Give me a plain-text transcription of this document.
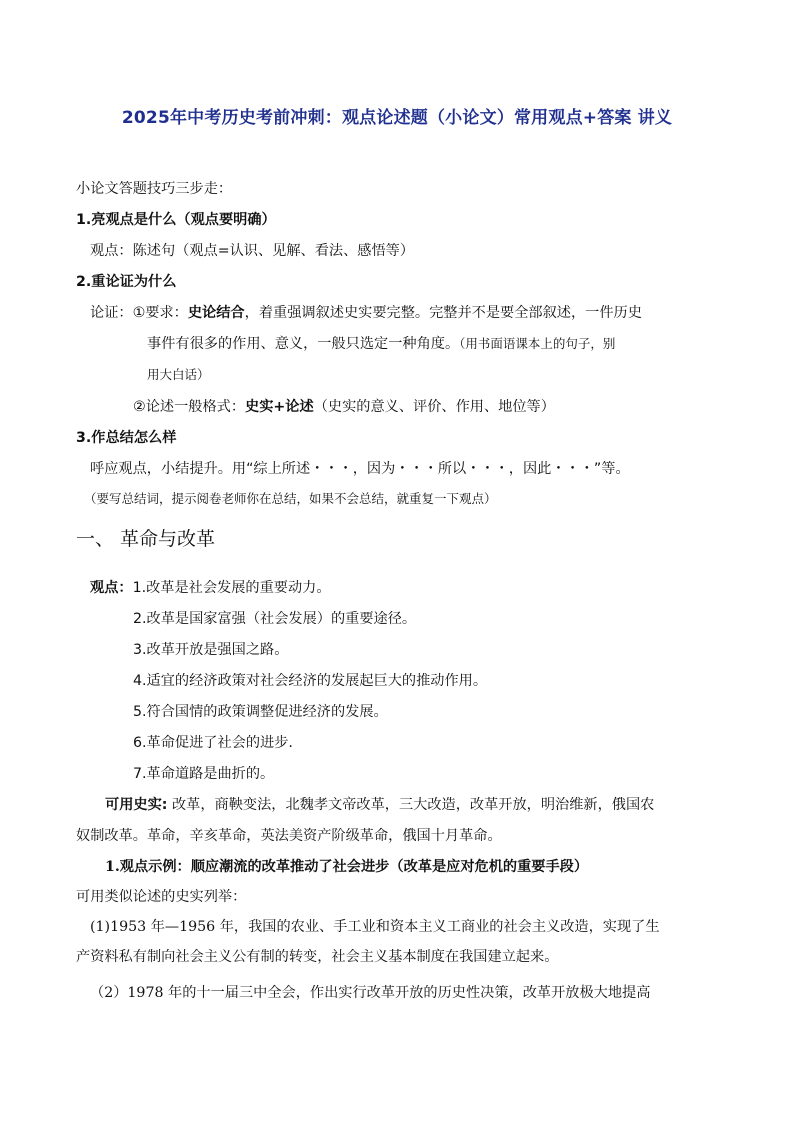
2025年中考历史考前冲刺：观点论述题（小论文）常用观点+答案 讲义
小论文答题技巧三步走：
1.亮观点是什么（观点要明确）
观点：陈述句（观点=认识、见解、看法、感悟等）
2.重论证为什么
论证：①要求：史论结合，着重强调叙述史实要完整。完整并不是要全部叙述，一件历史
事件有很多的作用、意义，一般只选定一种角度。（用书面语课本上的句子，别
用大白话）
②论述一般格式：史实+论述（史实的意义、评价、作用、地位等）
3.作总结怎么样
呼应观点，小结提升。用“综上所述・・・，因为・・・所以・・・，因此・・・”等。
（要写总结词，提示阅卷老师你在总结，如果不会总结，就重复一下观点）
一、 革命与改革
观点：1.改革是社会发展的重要动力。
2.改革是国家富强（社会发展）的重要途径。
3.改革开放是强国之路。
4.适宜的经济政策对社会经济的发展起巨大的推动作用。
5.符合国情的政策调整促进经济的发展。
6.革命促进了社会的进步.
7.革命道路是曲折的。
可用史实: 改革，商鞅变法，北魏孝文帝改革，三大改造，改革开放，明治维新，俄国农
奴制改革。革命，辛亥革命，英法美资产阶级革命，俄国十月革命。
1.观点示例：顺应潮流的改革推动了社会进步（改革是应对危机的重要手段）
可用类似论述的史实列举：
(1)1953 年—1956 年，我国的农业、手工业和资本主义工商业的社会主义改造，实现了生
产资料私有制向社会主义公有制的转变，社会主义基本制度在我国建立起来。
（2）1978 年的十一届三中全会，作出实行改革开放的历史性决策，改革开放极大地提高
